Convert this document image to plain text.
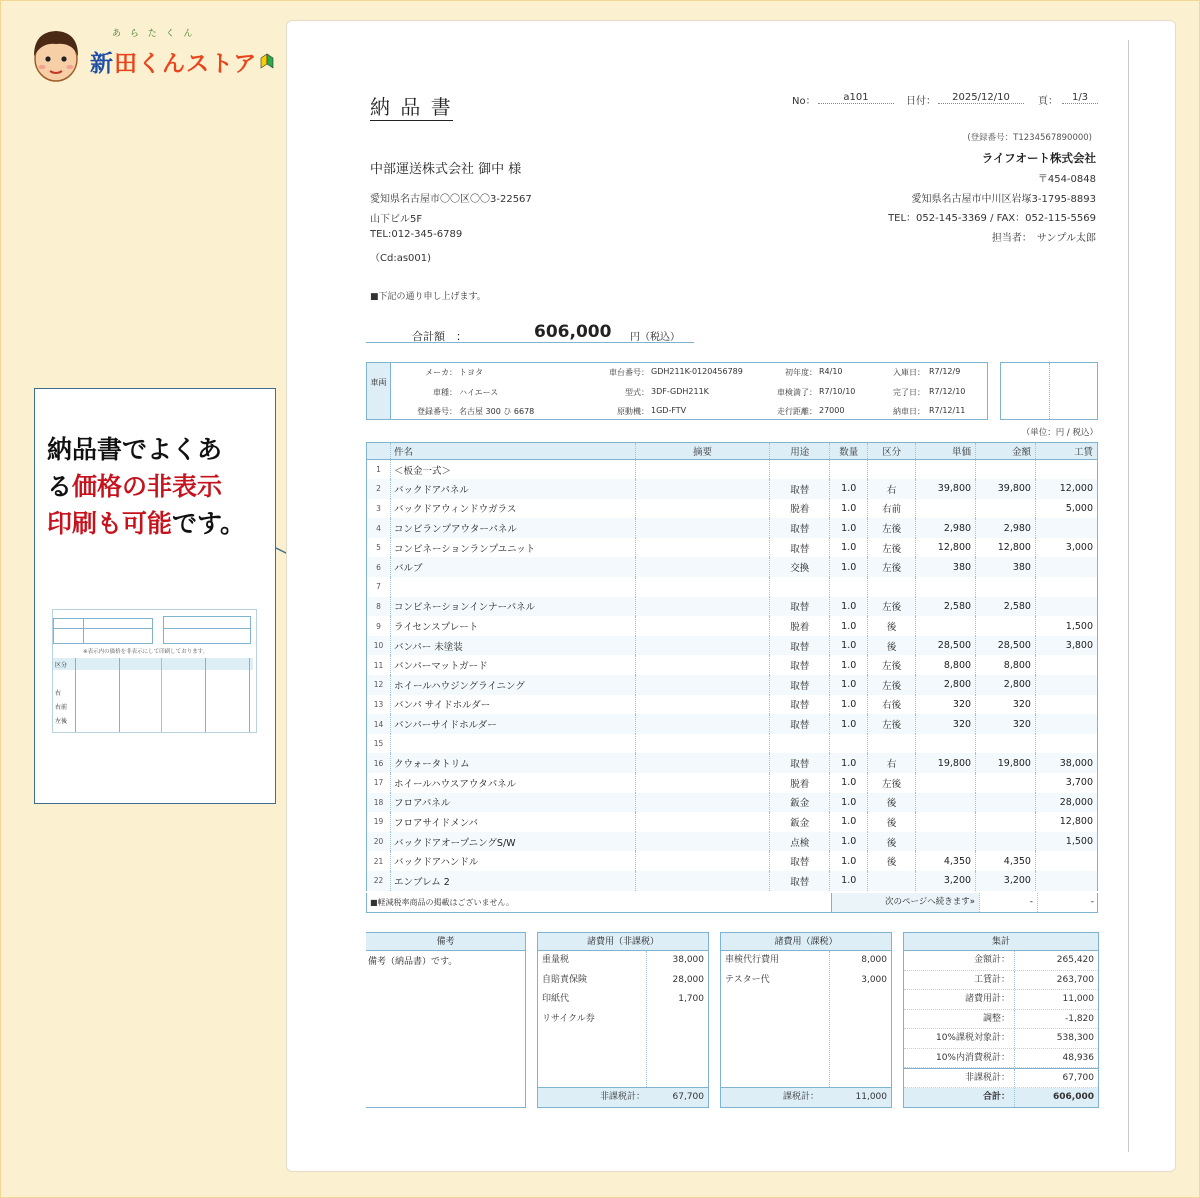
あ ら た く ん
新 田 くんストア
納品書でよくあ
る価格の非表示
印刷も可能です。
※表示内の価格を非表示にして印刷しております。
区分
右
右前
左後
納 品 書	No：	a101	日付：	2025/12/10	頁：	1/3
(登録番号：T1234567890000)
中部運送株式会社 御中 様
愛知県名古屋市〇〇区〇〇3-22567
山下ビル5F
TEL:012-345-6789
（Cd:as001)
ライフオート株式会社
〒454-0848
愛知県名古屋市中川区岩塚3-1795-8893
TEL：052-145-3369 / FAX：052-115-5569
担当者：　サンプル太郎
■下記の通り申し上げます。
合計額　：	606,000 円（税込）
車両
メーカ： トヨタ
車種： ハイエース
登録番号： 名古屋 300 ひ 6678
車台番号： GDH211K-0120456789
型式： 3DF-GDH211K
原動機： 1GD-FTV
初年度： R4/10
車検満了： R7/10/10
走行距離： 27000
入庫日： R7/12/9
完了日： R7/12/10
納車日： R7/12/11
（単位：円 / 税込）
	件名	摘要	用途	数量	区分	単価	金額	工賃
1	＜板金一式＞							
2	バックドアパネル		取替	1.0	右	39,800	39,800	12,000
3	バックドアウィンドウガラス		脱着	1.0	右前			5,000
4	コンビランプアウターパネル		取替	1.0	左後	2,980	2,980	
5	コンビネーションランプユニット		取替	1.0	左後	12,800	12,800	3,000
6	バルブ		交換	1.0	左後	380	380	
7								
8	コンビネーションインナーパネル		取替	1.0	左後	2,580	2,580	
9	ライセンスプレート		脱着	1.0	後			1,500
10	バンパー 未塗装		取替	1.0	後	28,500	28,500	3,800
11	バンパーマットガード		取替	1.0	左後	8,800	8,800	
12	ホイールハウジングライニング		取替	1.0	左後	2,800	2,800	
13	バンパ サイドホルダー		取替	1.0	右後	320	320	
14	バンパーサイドホルダー		取替	1.0	左後	320	320	
15								
16	クウォータトリム		取替	1.0	右	19,800	19,800	38,000
17	ホイールハウスアウタパネル		脱着	1.0	左後			3,700
18	フロアパネル		鈑金	1.0	後			28,000
19	フロアサイドメンバ		鈑金	1.0	後			12,800
20	バックドアオープニングS/W		点検	1.0	後			1,500
21	バックドアハンドル		取替	1.0	後	4,350	4,350	
22	エンブレム 2		取替	1.0		3,200	3,200	
■軽減税率商品の掲載はございません。	次のページへ続きます»	-	-
備考
備考（納品書）です。
諸費用（非課税）
重量税	38,000
自賠責保険	28,000
印紙代	1,700
リサイクル券
非課税計：	67,700
諸費用（課税）
車検代行費用	8,000
テスター代	3,000
課税計：	11,000
集計
金額計：	265,420
工賃計：	263,700
諸費用計：	11,000
調整：	-1,820
10%課税対象計：	538,300
10%内消費税計：	48,936
非課税計：	67,700
合計：	606,000
